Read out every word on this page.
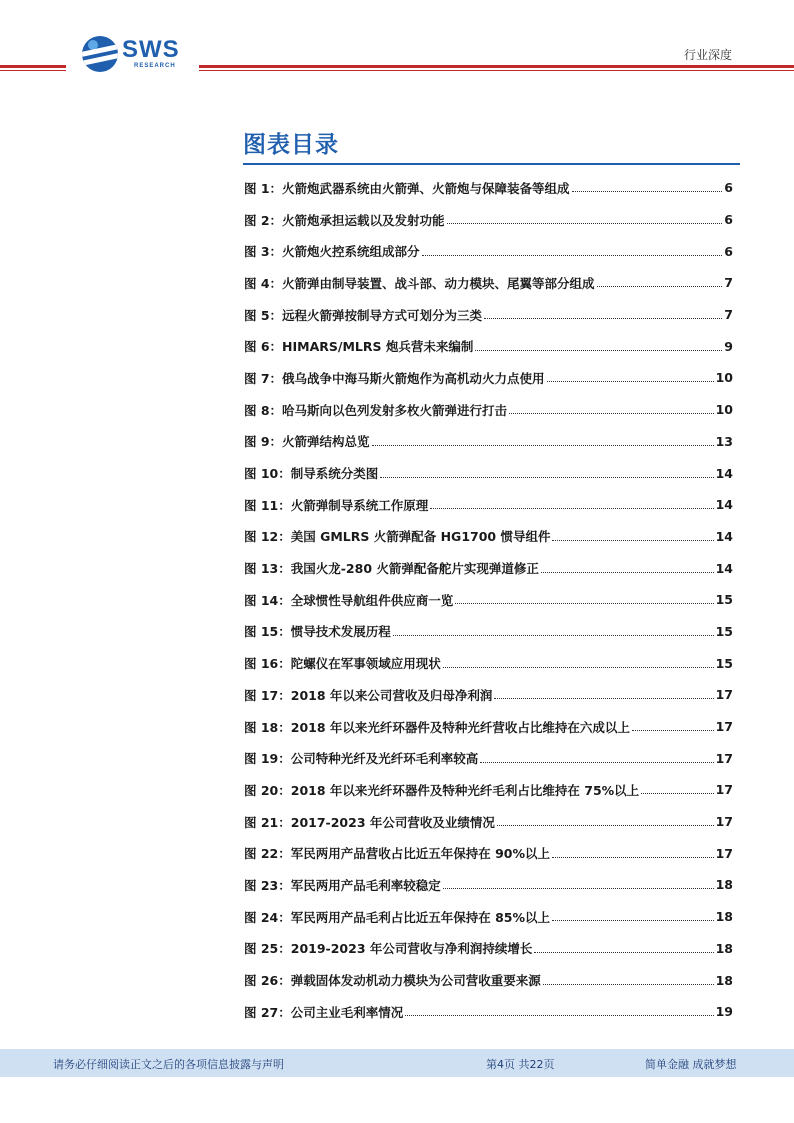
SWS
RESEARCH
行业深度
图表目录
图 1：火箭炮武器系统由火箭弹、火箭炮与保障装备等组成	6
图 2：火箭炮承担运载以及发射功能	6
图 3：火箭炮火控系统组成部分	6
图 4：火箭弹由制导装置、战斗部、动力模块、尾翼等部分组成	7
图 5：远程火箭弹按制导方式可划分为三类	7
图 6：HIMARS/MLRS 炮兵营未来编制	9
图 7：俄乌战争中海马斯火箭炮作为高机动火力点使用	10
图 8：哈马斯向以色列发射多枚火箭弹进行打击	10
图 9：火箭弹结构总览	13
图 10：制导系统分类图	14
图 11：火箭弹制导系统工作原理	14
图 12：美国 GMLRS 火箭弹配备 HG1700 惯导组件	14
图 13：我国火龙-280 火箭弹配备舵片实现弹道修正	14
图 14：全球惯性导航组件供应商一览	15
图 15：惯导技术发展历程	15
图 16：陀螺仪在军事领域应用现状	15
图 17：2018 年以来公司营收及归母净利润	17
图 18：2018 年以来光纤环器件及特种光纤营收占比维持在六成以上	17
图 19：公司特种光纤及光纤环毛利率较高	17
图 20：2018 年以来光纤环器件及特种光纤毛利占比维持在 75%以上	17
图 21：2017-2023 年公司营收及业绩情况	17
图 22：军民两用产品营收占比近五年保持在 90%以上	17
图 23：军民两用产品毛利率较稳定	18
图 24：军民两用产品毛利占比近五年保持在 85%以上	18
图 25：2019-2023 年公司营收与净利润持续增长	18
图 26：弹载固体发动机动力模块为公司营收重要来源	18
图 27：公司主业毛利率情况	19
请务必仔细阅读正文之后的各项信息披露与声明	第4页 共22页	简单金融 成就梦想
